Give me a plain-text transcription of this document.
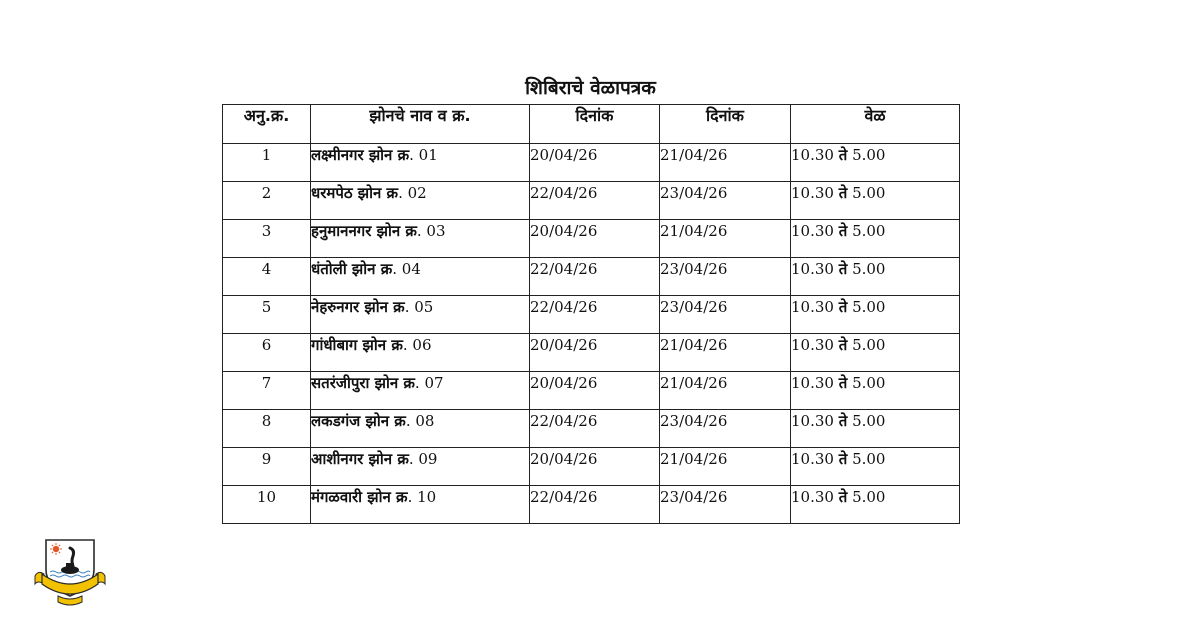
शिबिराचे वेळापत्रक
अनु.क्र.	झोनचे नाव व क्र.	दिनांक	दिनांक	वेळ
1	लक्ष्मीनगर झोन क्र. 01	20/04/26	21/04/26	10.30 ते 5.00
2	धरमपेठ झोन क्र. 02	22/04/26	23/04/26	10.30 ते 5.00
3	हनुमाननगर झोन क्र. 03	20/04/26	21/04/26	10.30 ते 5.00
4	धंतोली झोन क्र. 04	22/04/26	23/04/26	10.30 ते 5.00
5	नेहरुनगर झोन क्र. 05	22/04/26	23/04/26	10.30 ते 5.00
6	गांधीबाग झोन क्र. 06	20/04/26	21/04/26	10.30 ते 5.00
7	सतरंजीपुरा झोन क्र. 07	20/04/26	21/04/26	10.30 ते 5.00
8	लकडगंज झोन क्र. 08	22/04/26	23/04/26	10.30 ते 5.00
9	आशीनगर झोन क्र. 09	20/04/26	21/04/26	10.30 ते 5.00
10	मंगळवारी झोन क्र. 10	22/04/26	23/04/26	10.30 ते 5.00
